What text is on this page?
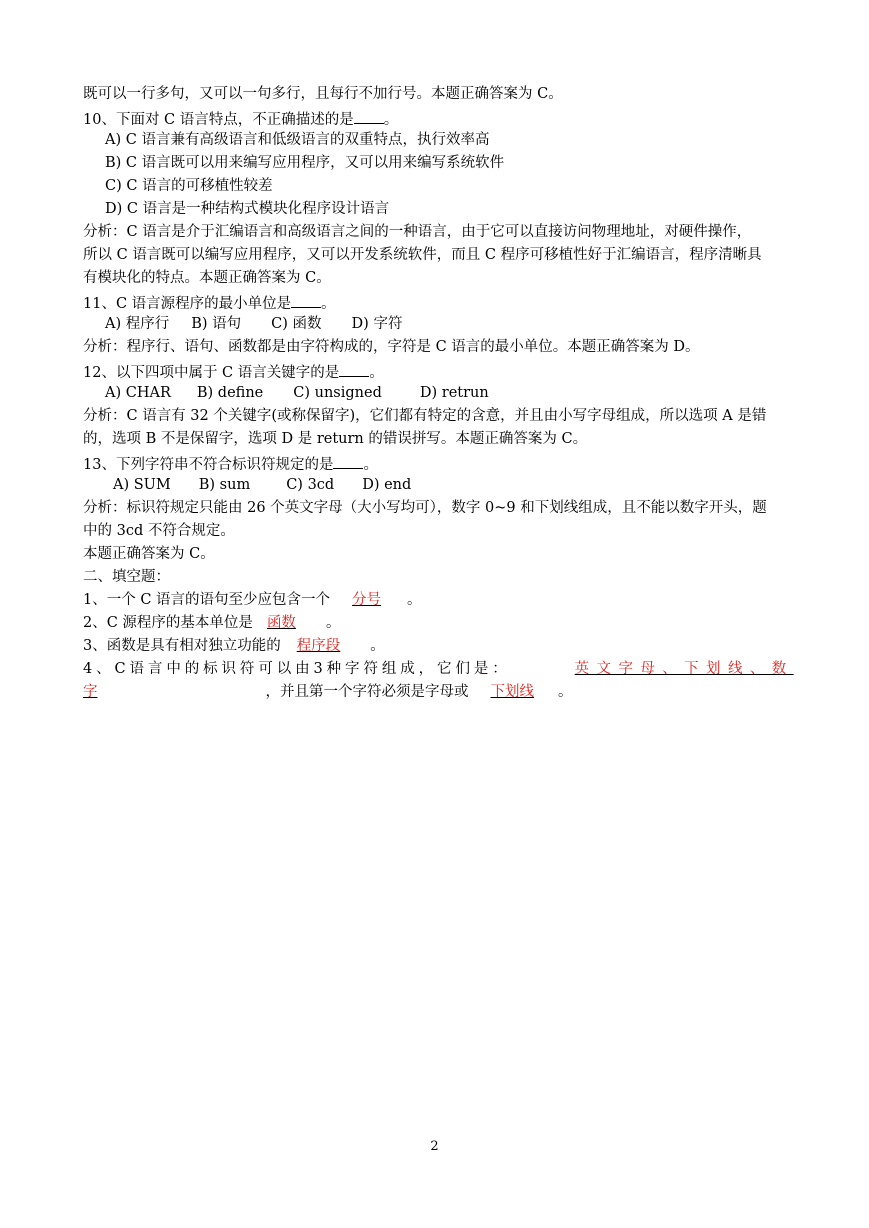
既可以一行多句，又可以一句多行，且每行不加行号。本题正确答案为 C。
10、下面对 C 语言特点，不正确描述的是 。
A) C 语言兼有高级语言和低级语言的双重特点，执行效率高
B) C 语言既可以用来编写应用程序，又可以用来编写系统软件
C) C 语言的可移植性较差
D) C 语言是一种结构式模块化程序设计语言
分析：C 语言是介于汇编语言和高级语言之间的一种语言，由于它可以直接访问物理地址，对硬件操作，
所以 C 语言既可以编写应用程序，又可以开发系统软件，而且 C 程序可移植性好于汇编语言，程序清晰具
有模块化的特点。本题正确答案为 C。
11、C 语言源程序的最小单位是 。
A) 程序行 B) 语句 C) 函数 D) 字符
分析：程序行、语句、函数都是由字符构成的，字符是 C 语言的最小单位。本题正确答案为 D。
12、以下四项中属于 C 语言关键字的是 。
A) CHAR B) define C) unsigned	D) retrun
分析：C 语言有 32 个关键字(或称保留字)，它们都有特定的含意，并且由小写字母组成，所以选项 A 是错
的，选项 B 不是保留字，选项 D 是 return 的错误拼写。本题正确答案为 C。
13、下列字符串不符合标识符规定的是 。
A) SUM B) sum C) 3cd D) end
分析：标识符规定只能由 26 个英文字母（大小写均可），数字 0~9 和下划线组成，且不能以数字开头，题
中的 3cd 不符合规定。
本题正确答案为 C。
二、填空题：
1、一个 C 语言的语句至少应包含一个 分号 。
2、C 源程序的基本单位是 函数 。
3、函数是具有相对独立功能的 程序段 。
4、C语言中的标识符可以由3种字符组成，它们是：	英文字母、下划线、数
字	，并且第一个字符必须是字母或 下划线 。
2
